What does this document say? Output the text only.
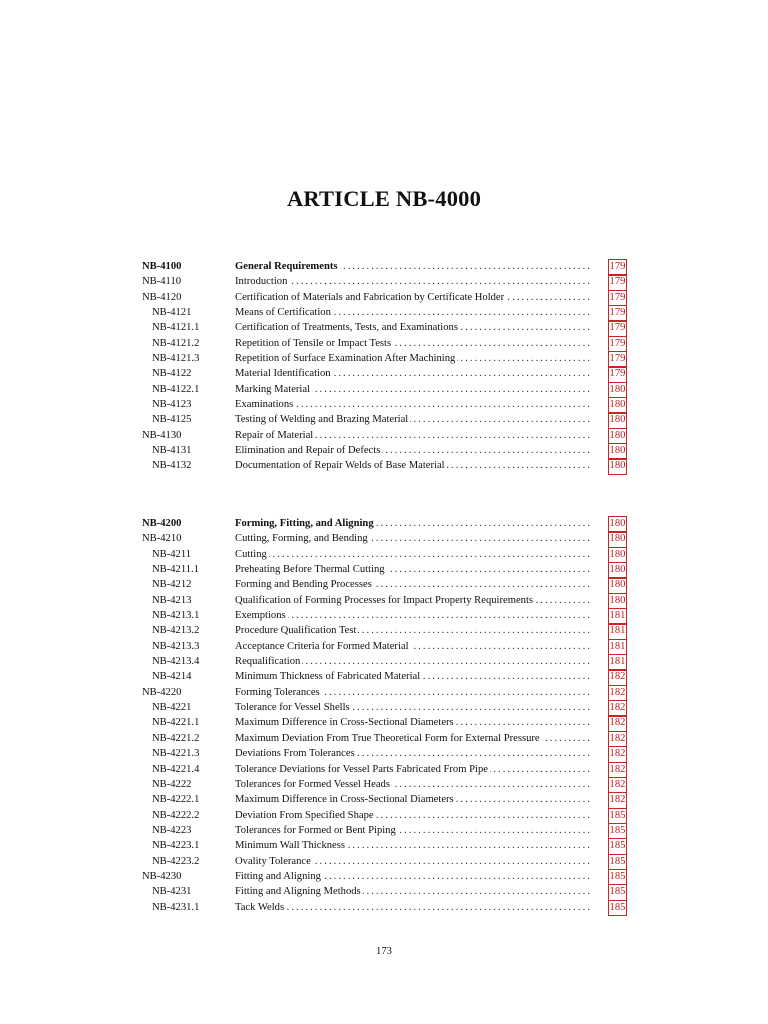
ARTICLE NB-4000
NB-4100	General Requirements . . .	179
NB-4110	Introduction . . .	179
NB-4120	Certification of Materials and Fabrication by Certificate Holder . . .	179
NB-4121	Means of Certification . . .	179
NB-4121.1	Certification of Treatments, Tests, and Examinations . . .	179
NB-4121.2	Repetition of Tensile or Impact Tests . . .	179
NB-4121.3	Repetition of Surface Examination After Machining . . .	179
NB-4122	Material Identification . . .	179
NB-4122.1	Marking Material . . .	180
NB-4123	Examinations . . .	180
NB-4125	Testing of Welding and Brazing Material . . .	180
NB-4130	Repair of Material . . .	180
NB-4131	Elimination and Repair of Defects . . .	180
NB-4132	Documentation of Repair Welds of Base Material . . .	180
NB-4200	Forming, Fitting, and Aligning . . .	180
NB-4210	Cutting, Forming, and Bending . . .	180
NB-4211	Cutting . . .	180
NB-4211.1	Preheating Before Thermal Cutting . . .	180
NB-4212	Forming and Bending Processes . . .	180
NB-4213	Qualification of Forming Processes for Impact Property Requirements . . .	180
NB-4213.1	Exemptions . . .	181
NB-4213.2	Procedure Qualification Test . . .	181
NB-4213.3	Acceptance Criteria for Formed Material . . .	181
NB-4213.4	Requalification . . .	181
NB-4214	Minimum Thickness of Fabricated Material . . .	182
NB-4220	Forming Tolerances . . .	182
NB-4221	Tolerance for Vessel Shells . . .	182
NB-4221.1	Maximum Difference in Cross-Sectional Diameters . . .	182
NB-4221.2	Maximum Deviation From True Theoretical Form for External Pressure . . .	182
NB-4221.3	Deviations From Tolerances . . .	182
NB-4221.4	Tolerance Deviations for Vessel Parts Fabricated From Pipe . . .	182
NB-4222	Tolerances for Formed Vessel Heads . . .	182
NB-4222.1	Maximum Difference in Cross-Sectional Diameters . . .	182
NB-4222.2	Deviation From Specified Shape . . .	185
NB-4223	Tolerances for Formed or Bent Piping . . .	185
NB-4223.1	Minimum Wall Thickness . . .	185
NB-4223.2	Ovality Tolerance . . .	185
NB-4230	Fitting and Aligning . . .	185
NB-4231	Fitting and Aligning Methods . . .	185
NB-4231.1	Tack Welds . . .	185
173
